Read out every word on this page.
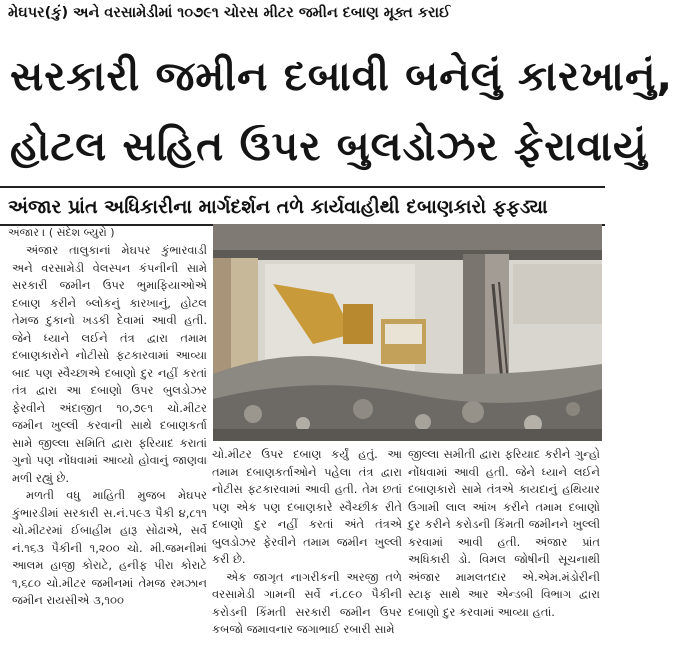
મેઘપર(કું) અને વરસામેડીમાં ૧૦૭૯૧ ચોરસ મીટર જમીન દબાણ મૂક્ત કરાઈ
સરકારી જમીન દબાવી બનેલું કારખાનું,
હોટલ સહિત ઉપર બુલડોઝર ફેરાવાયું
અંજાર પ્રાંત અધિકારીના માર્ગદર્શન તળે કાર્યવાહીથી દબાણકારો ફફડ્યા
અંજાર । ( સંદેશ બ્યુરો )

અંજાર તાલુકાનાં મેઘપર કુંભારવાડી અને વરસામેડી વેલસ્પન કંપનીની સામે સરકારી જમીન ઉપર ભુમાફિયાઓએ દબાણ કરીને બ્લોકનું કારખાનું, હોટલ તેમજ દુકાનો ખડકી દેવામાં આવી હતી. જેને ધ્યાને લઈને તંત્ર દ્વારા તમામ દબાણકારોને નોટીસો ફટકારવામાં આવ્યા બાદ પણ સ્વૈચ્છાએ દબાણો દુર નહીં કરતાં તંત્ર દ્વારા આ દબાણો ઉપર બુલડોઝર ફેરવીને અંદાજીત ૧૦,૭૯૧ ચો.મીટર જમીન ખુલ્લી કરવાની સાથે દબાણકર્તા સામે જીલ્લા સમિતિ દ્વારા ફરિયાદ કરાતાં ગુનો પણ નોંધવામાં આવ્યો હોવાનું જાણવા મળી રહ્યું છે.

મળતી વધુ માહિતી મુજબ મેઘપર કુંભારડીમાં સરકારી સ.નં.૫૯૩ પૈકી ૪,૮૧૧ ચો.મીટરમાં ઈબાહીમ હારૂ સોઢાએ, સર્વે નં.૧૬૩ પૈકીની ૧,૨૦૦ ચો. મી.જમનીમાં આલમ હાજી કોરાટે, હનીફ પીરા કોરાટે ૧,૬૮૦ ચો.મીટર જમીનમાં તેમજ રમઝાન જમીન રાયસીએ ૩,૧૦૦

ચો.મીટર ઉપર દબાણ કર્યું હતું. આ તમામ દબાણકર્તાઓને પહેલા તંત્ર દ્વારા નોટીસ ફટકારવામાં આવી હતી. તેમ છતાં પણ એક પણ દબાણકારે સ્વૈચ્છીક રીતે દબાણો દુર નહીં કરતાં અંતે તંત્રએ બુલડોઝર ફેરવીને તમામ જમીન ખુલ્લી કરી છે.

એક જાગૃત નાગરીકની અરજી તળે વરસામેડી ગામની સર્વે નં.૮૯૦ પૈકીની કરોડની કિંમતી સરકારી જમીન ઉપર કબજો જમાવનાર જગાભાઈ રબારી સામે

જીલ્લા સમીતી દ્વારા ફરિયાદ કરીને ગુન્હો નોંધવામાં આવી હતી. જેને ધ્યાને લઈને દબાણકારો સામે તંત્રએ કાયદાનું હથિયાર ઉગામી લાલ આંખ કરીને તમામ દબાણો દુર કરીને કરોડની કિંમતી જમીનને ખુલ્લી કરવામાં આવી હતી. અંજાર પ્રાંત અધિકારી ડો. વિમલ જોષીની સૂચનાથી અંજાર મામલતદાર એ.એમ.મંડોરીની સ્ટાફ સાથે આર એન્ડબી વિભાગ દ્વારા દબાણો દુર કરવામાં આવ્યા હતાં.
